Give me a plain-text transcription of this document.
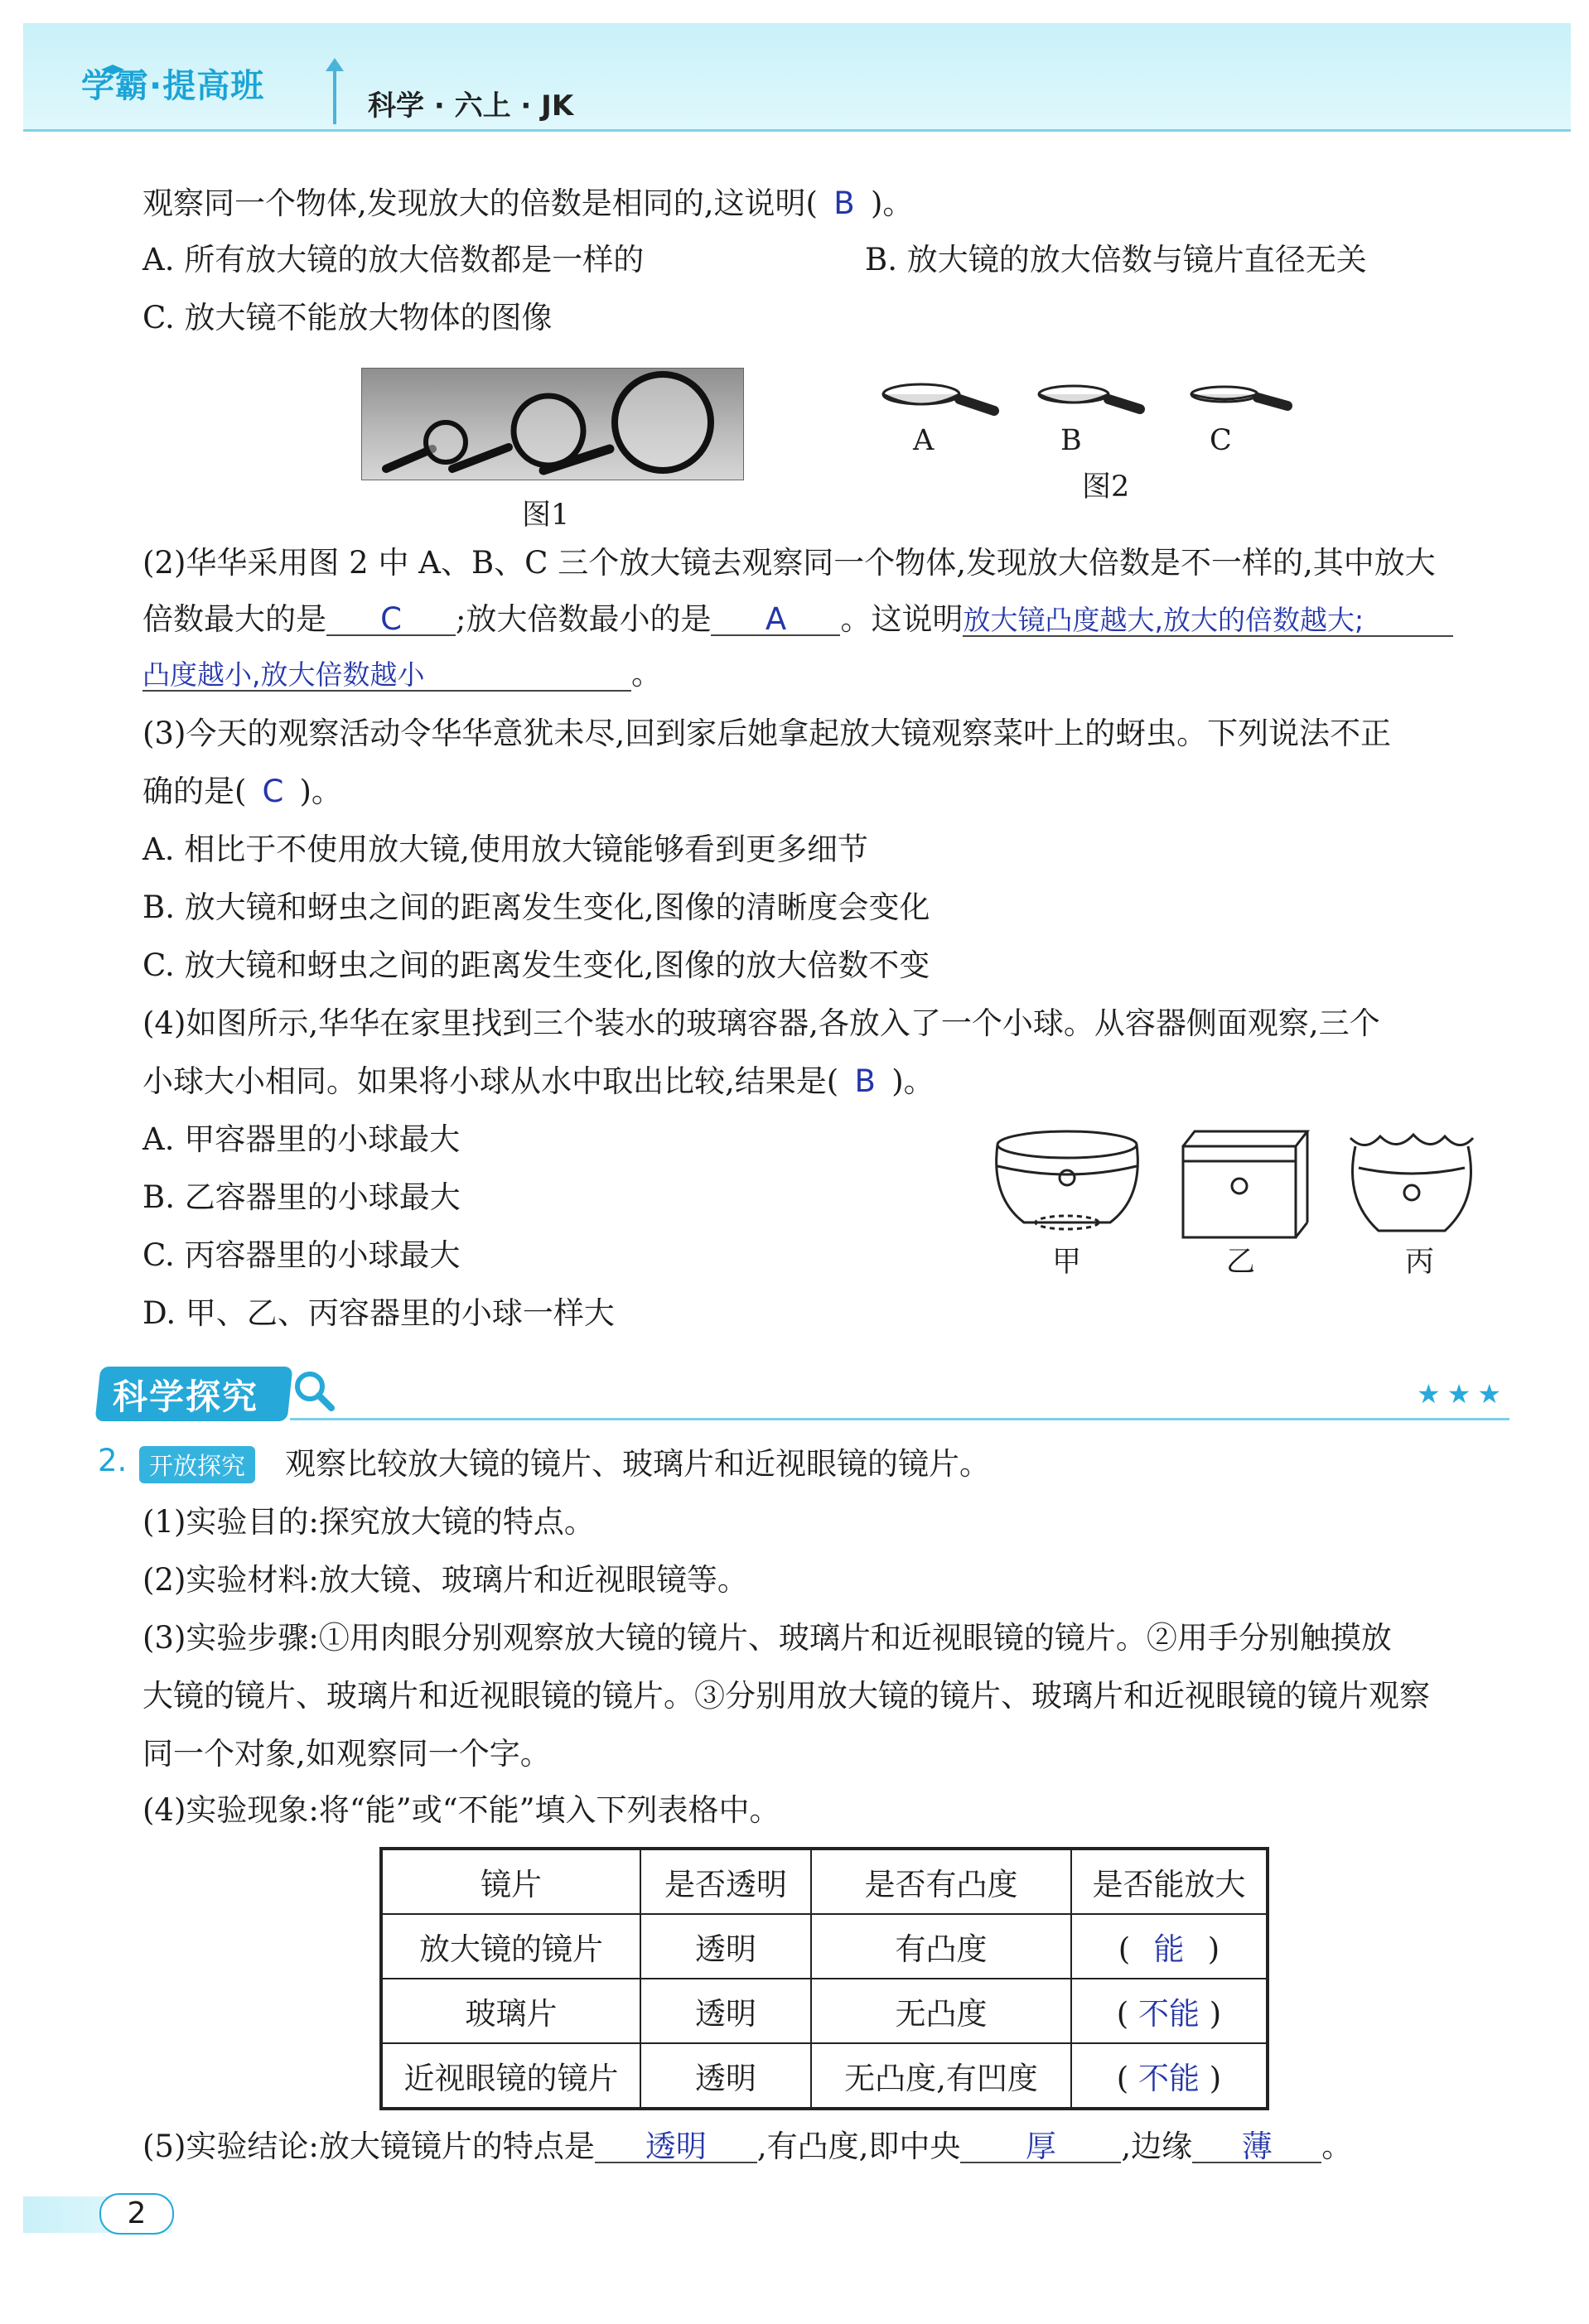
学霸·提高班
科学 · 六上 · JK
观察同一个物体,发现放大的倍数是相同的,这说明( B )。
A. 所有放大镜的放大倍数都是一样的	B. 放大镜的放大倍数与镜片直径无关
C. 放大镜不能放大物体的图像
图1
A	B	C
图2
(2)华华采用图 2 中 A、B、C 三个放大镜去观察同一个物体,发现放大倍数是不一样的,其中放大
倍数最大的是 C ;放大倍数最小的是 A 。这说明放大镜凸度越大,放大的倍数越大;
凸度越小,放大倍数越小	。
(3)今天的观察活动令华华意犹未尽,回到家后她拿起放大镜观察菜叶上的蚜虫。下列说法不正
确的是( C )。
A. 相比于不使用放大镜,使用放大镜能够看到更多细节
B. 放大镜和蚜虫之间的距离发生变化,图像的清晰度会变化
C. 放大镜和蚜虫之间的距离发生变化,图像的放大倍数不变
(4)如图所示,华华在家里找到三个装水的玻璃容器,各放入了一个小球。从容器侧面观察,三个
小球大小相同。如果将小球从水中取出比较,结果是( B )。
A. 甲容器里的小球最大
B. 乙容器里的小球最大
C. 丙容器里的小球最大
D. 甲、乙、丙容器里的小球一样大
甲	乙	丙
科学探究	★★★
2. 开放探究	观察比较放大镜的镜片、玻璃片和近视眼镜的镜片。
(1)实验目的:探究放大镜的特点。
(2)实验材料:放大镜、玻璃片和近视眼镜等。
(3)实验步骤:①用肉眼分别观察放大镜的镜片、玻璃片和近视眼镜的镜片。②用手分别触摸放
大镜的镜片、玻璃片和近视眼镜的镜片。③分别用放大镜的镜片、玻璃片和近视眼镜的镜片观察
同一个对象,如观察同一个字。
(4)实验现象:将“能”或“不能”填入下列表格中。
镜片	是否透明	是否有凸度	是否能放大
放大镜的镜片	透明	有凸度	( 能 )
玻璃片	透明	无凸度	( 不能 )
近视眼镜的镜片	透明	无凸度,有凹度	( 不能 )
(5)实验结论:放大镜镜片的特点是 透明 ,有凸度,即中央 厚 ,边缘 薄 。
2
